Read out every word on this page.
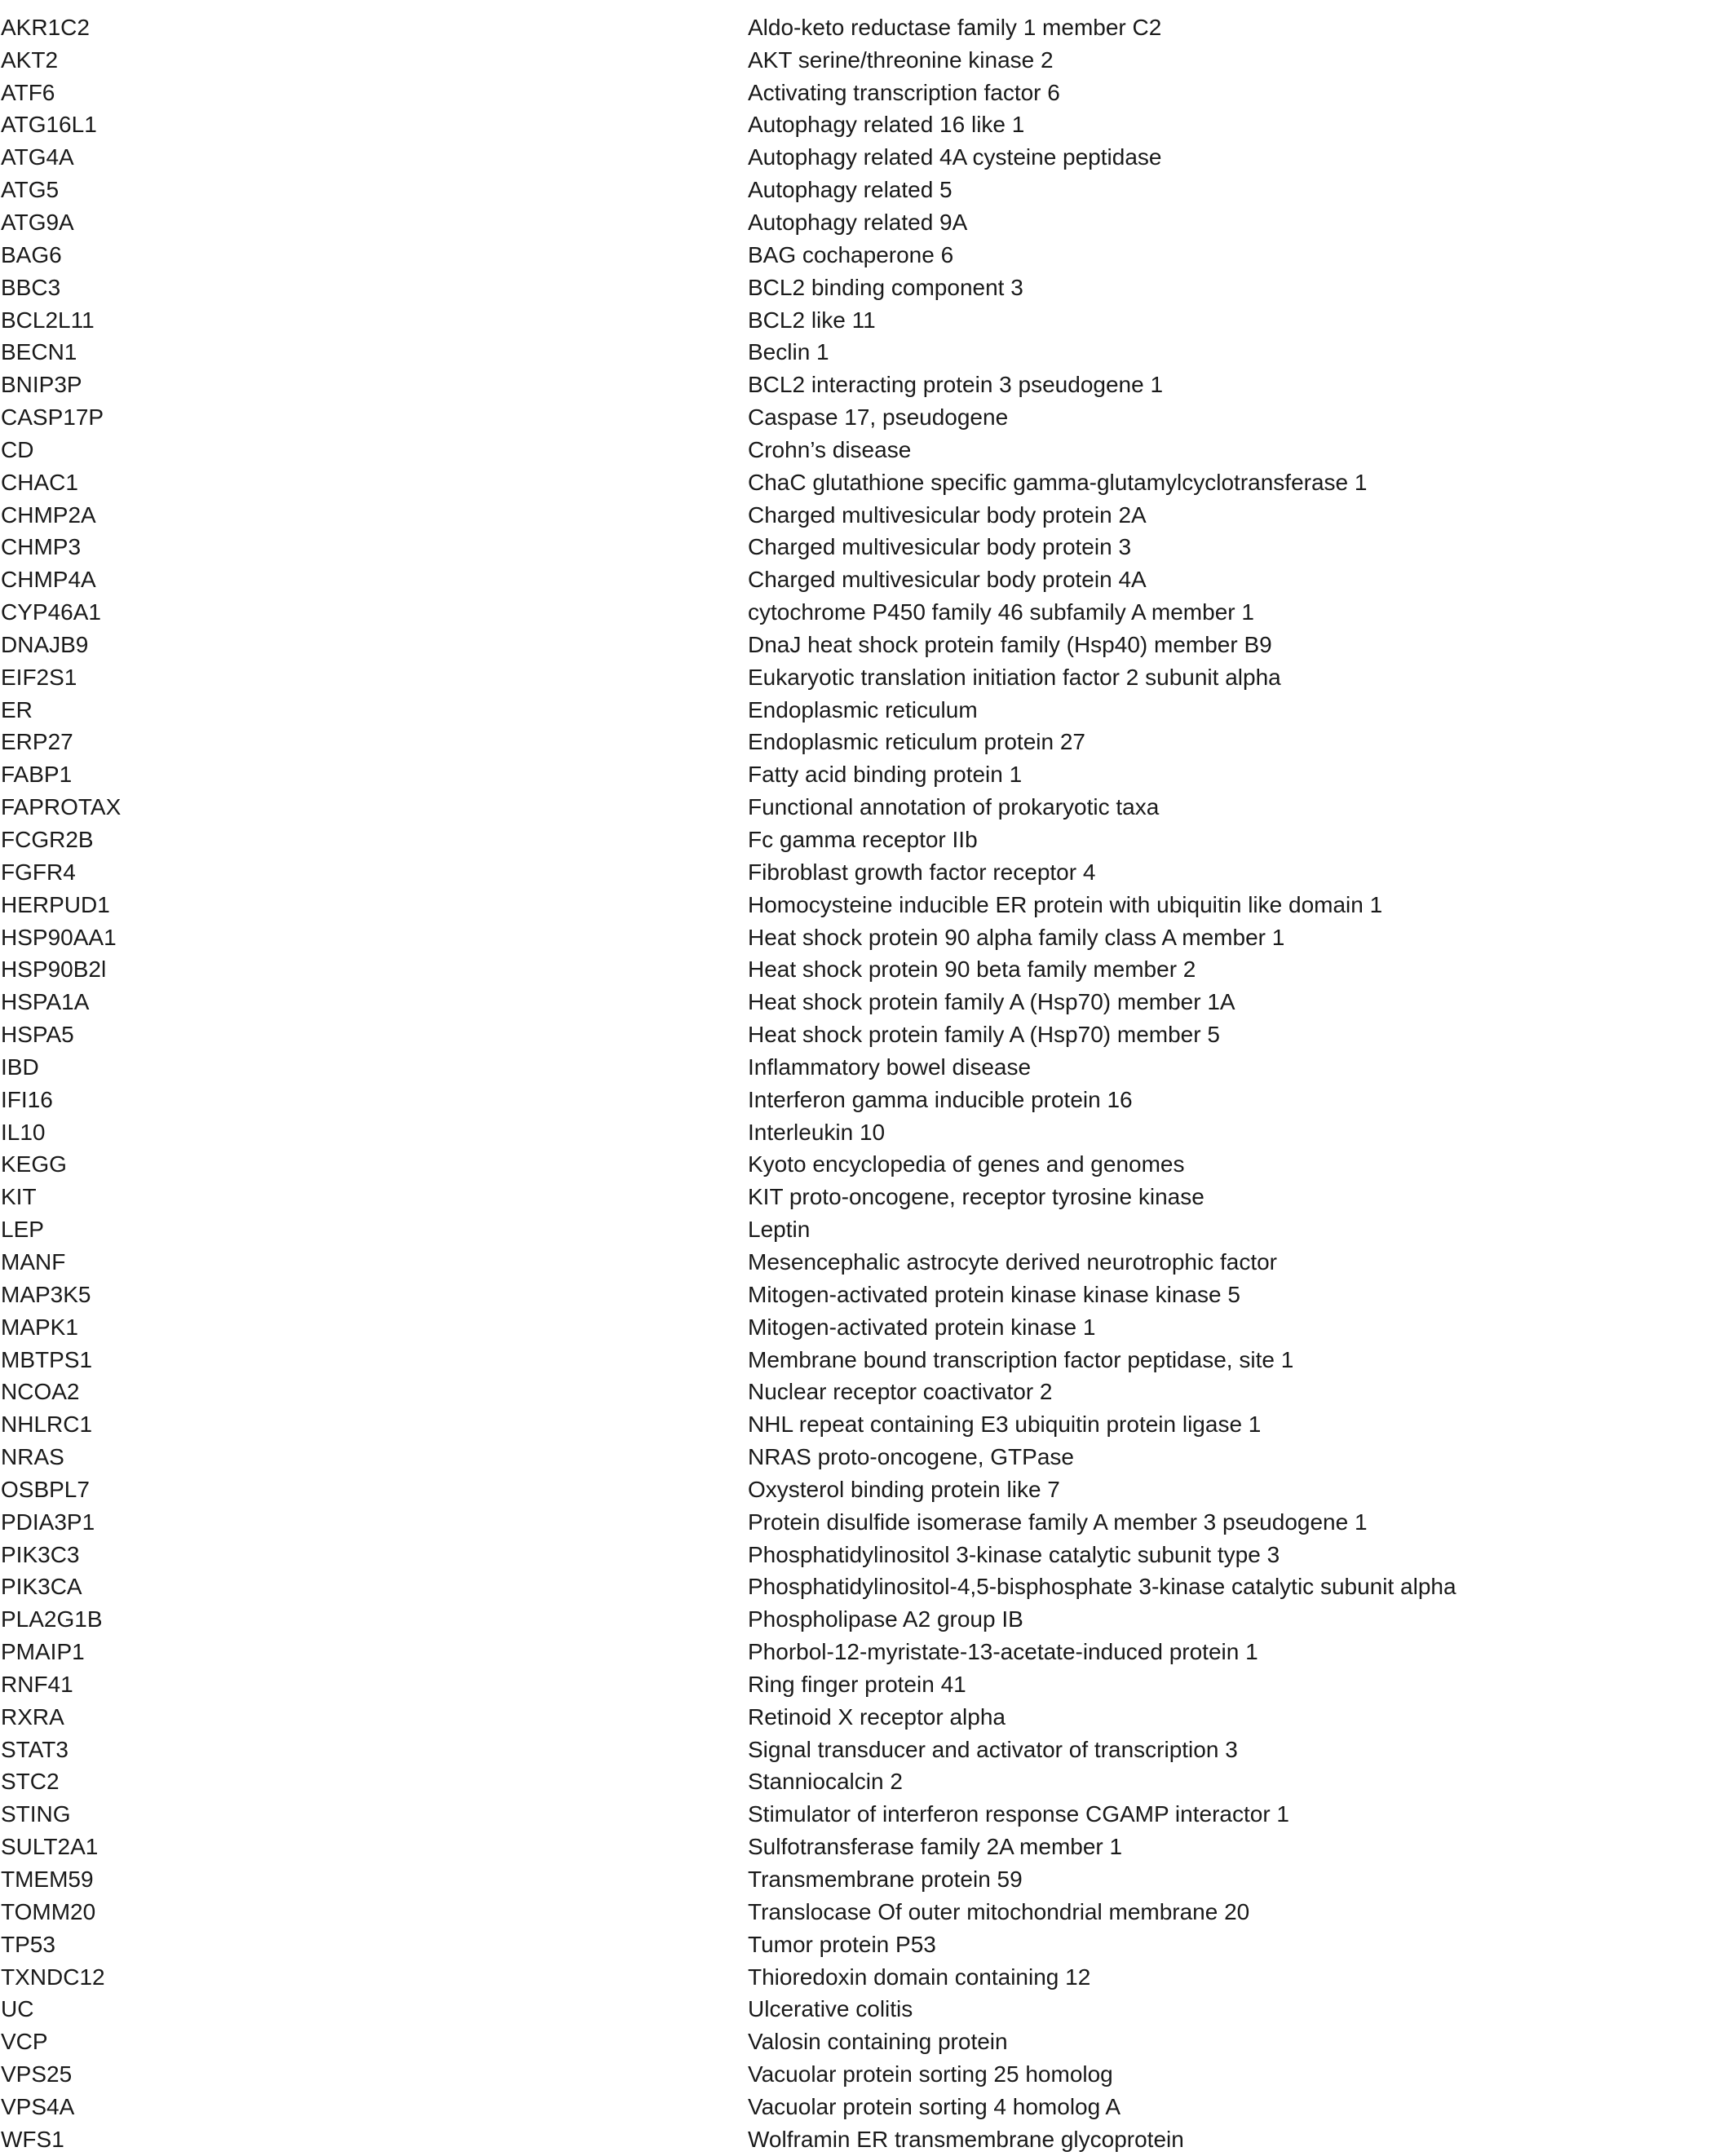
AKR1C2	Aldo-keto reductase family 1 member C2
AKT2	AKT serine/threonine kinase 2
ATF6	Activating transcription factor 6
ATG16L1	Autophagy related 16 like 1
ATG4A	Autophagy related 4A cysteine peptidase
ATG5	Autophagy related 5
ATG9A	Autophagy related 9A
BAG6	BAG cochaperone 6
BBC3	BCL2 binding component 3
BCL2L11	BCL2 like 11
BECN1	Beclin 1
BNIP3P	BCL2 interacting protein 3 pseudogene 1
CASP17P	Caspase 17, pseudogene
CD	Crohn’s disease
CHAC1	ChaC glutathione specific gamma-glutamylcyclotransferase 1
CHMP2A	Charged multivesicular body protein 2A
CHMP3	Charged multivesicular body protein 3
CHMP4A	Charged multivesicular body protein 4A
CYP46A1	cytochrome P450 family 46 subfamily A member 1
DNAJB9	DnaJ heat shock protein family (Hsp40) member B9
EIF2S1	Eukaryotic translation initiation factor 2 subunit alpha
ER	Endoplasmic reticulum
ERP27	Endoplasmic reticulum protein 27
FABP1	Fatty acid binding protein 1
FAPROTAX	Functional annotation of prokaryotic taxa
FCGR2B	Fc gamma receptor IIb
FGFR4	Fibroblast growth factor receptor 4
HERPUD1	Homocysteine inducible ER protein with ubiquitin like domain 1
HSP90AA1	Heat shock protein 90 alpha family class A member 1
HSP90B2l	Heat shock protein 90 beta family member 2
HSPA1A	Heat shock protein family A (Hsp70) member 1A
HSPA5	Heat shock protein family A (Hsp70) member 5
IBD	Inflammatory bowel disease
IFI16	Interferon gamma inducible protein 16
IL10	Interleukin 10
KEGG	Kyoto encyclopedia of genes and genomes
KIT	KIT proto-oncogene, receptor tyrosine kinase
LEP	Leptin
MANF	Mesencephalic astrocyte derived neurotrophic factor
MAP3K5	Mitogen-activated protein kinase kinase kinase 5
MAPK1	Mitogen-activated protein kinase 1
MBTPS1	Membrane bound transcription factor peptidase, site 1
NCOA2	Nuclear receptor coactivator 2
NHLRC1	NHL repeat containing E3 ubiquitin protein ligase 1
NRAS	NRAS proto-oncogene, GTPase
OSBPL7	Oxysterol binding protein like 7
PDIA3P1	Protein disulfide isomerase family A member 3 pseudogene 1
PIK3C3	Phosphatidylinositol 3-kinase catalytic subunit type 3
PIK3CA	Phosphatidylinositol-4,5-bisphosphate 3-kinase catalytic subunit alpha
PLA2G1B	Phospholipase A2 group IB
PMAIP1	Phorbol-12-myristate-13-acetate-induced protein 1
RNF41	Ring finger protein 41
RXRA	Retinoid X receptor alpha
STAT3	Signal transducer and activator of transcription 3
STC2	Stanniocalcin 2
STING	Stimulator of interferon response CGAMP interactor 1
SULT2A1	Sulfotransferase family 2A member 1
TMEM59	Transmembrane protein 59
TOMM20	Translocase Of outer mitochondrial membrane 20
TP53	Tumor protein P53
TXNDC12	Thioredoxin domain containing 12
UC	Ulcerative colitis
VCP	Valosin containing protein
VPS25	Vacuolar protein sorting 25 homolog
VPS4A	Vacuolar protein sorting 4 homolog A
WFS1	Wolframin ER transmembrane glycoprotein
